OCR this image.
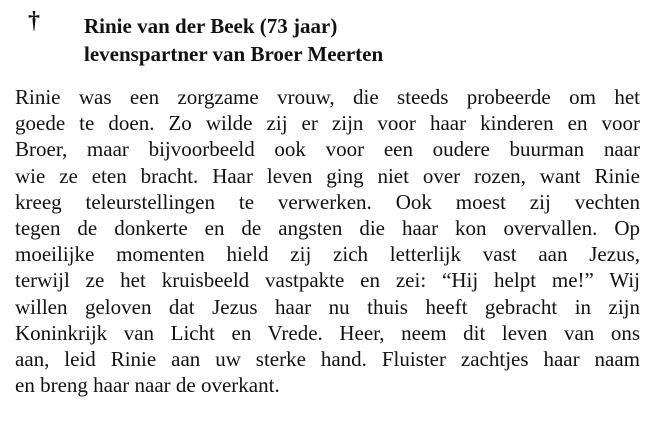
† Rinie van der Beek (73 jaar)
levenspartner van Broer Meerten
Rinie was een zorgzame vrouw, die steeds probeerde om het
goede te doen. Zo wilde zij er zijn voor haar kinderen en voor
Broer, maar bijvoorbeeld ook voor een oudere buurman naar
wie ze eten bracht. Haar leven ging niet over rozen, want Rinie
kreeg teleurstellingen te verwerken. Ook moest zij vechten
tegen de donkerte en de angsten die haar kon overvallen. Op
moeilijke momenten hield zij zich letterlijk vast aan Jezus,
terwijl ze het kruisbeeld vastpakte en zei: “Hij helpt me!” Wij
willen geloven dat Jezus haar nu thuis heeft gebracht in zijn
Koninkrijk van Licht en Vrede. Heer, neem dit leven van ons
aan, leid Rinie aan uw sterke hand. Fluister zachtjes haar naam
en breng haar naar de overkant.
